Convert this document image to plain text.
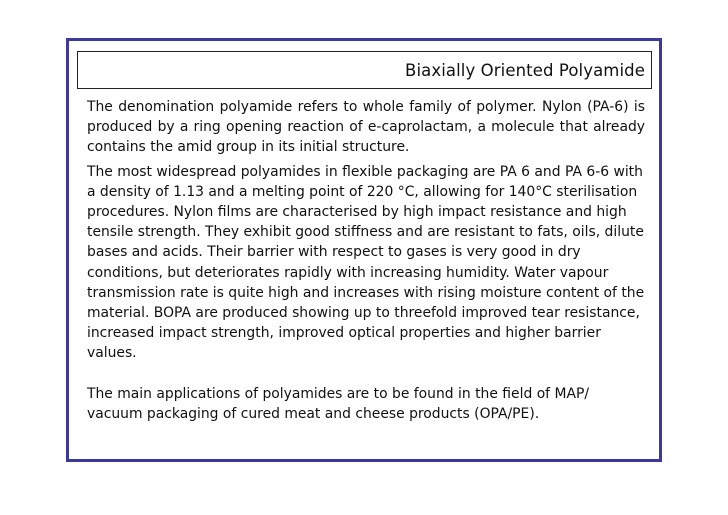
Biaxially Oriented Polyamide

The denomination polyamide refers to whole family of polymer. Nylon (PA-6) is produced by a ring opening reaction of e-caprolactam, a molecule that already contains the amid group in its initial structure.

The most widespread polyamides in flexible packaging are PA 6 and PA 6-6 with a density of 1.13 and a melting point of 220 °C, allowing for 140°C sterilisation procedures. Nylon films are characterised by high impact resistance and high tensile strength. They exhibit good stiffness and are resistant to fats, oils, dilute bases and acids. Their barrier with respect to gases is very good in dry conditions, but deteriorates rapidly with increasing humidity. Water vapour transmission rate is quite high and increases with rising moisture content of the material. BOPA are produced showing up to threefold improved tear resistance, increased impact strength, improved optical properties and higher barrier values.

The main applications of polyamides are to be found in the field of MAP/ vacuum packaging of cured meat and cheese products (OPA/PE).
